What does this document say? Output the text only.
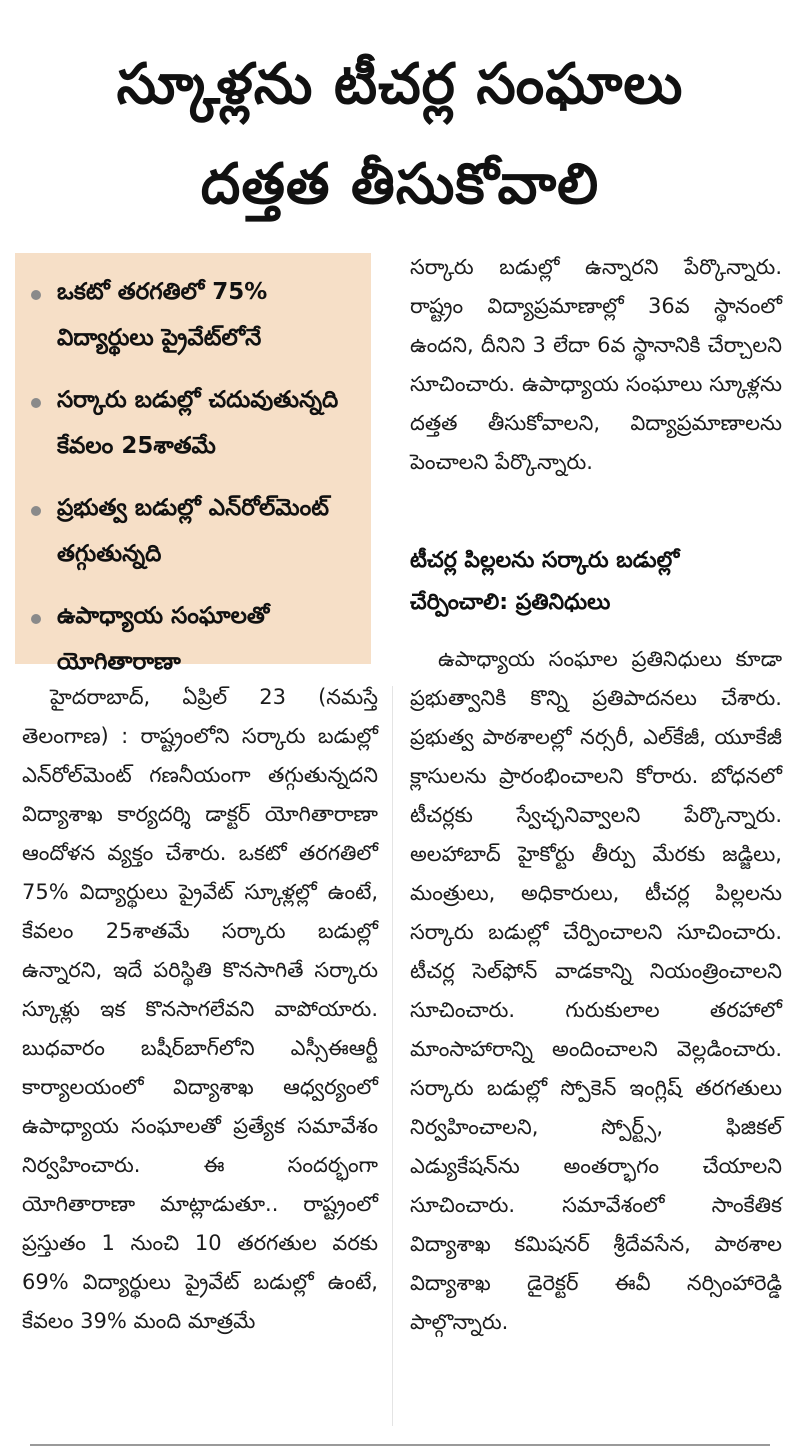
స్కూళ్లను టీచర్ల సంఘాలు
దత్తత తీసుకోవాలి
ఒకటో తరగతిలో 75% విద్యార్థులు ప్రైవేట్‌లోనే
సర్కారు బడుల్లో చదువుతున్నది కేవలం 25శాతమే
ప్రభుత్వ బడుల్లో ఎన్‌రోల్‌మెంట్ తగ్గుతున్నది
ఉపాధ్యాయ సంఘాలతో యోగితారాణా
హైదరాబాద్, ఏప్రిల్ 23 (నమస్తే తెలంగాణ) : రాష్ట్రంలోని సర్కారు బడుల్లో ఎన్‌రోల్‌మెంట్ గణనీయంగా తగ్గుతున్నదని విద్యాశాఖ కార్యదర్శి డాక్టర్ యోగితారాణా ఆందోళన వ్యక్తం చేశారు. ఒకటో తరగతిలో 75% విద్యార్థులు ప్రైవేట్ స్కూళ్లల్లో ఉంటే, కేవలం 25శాతమే సర్కారు బడుల్లో ఉన్నారని, ఇదే పరిస్థితి కొనసాగితే సర్కారు స్కూళ్లు ఇక కొనసాగలేవని వాపోయారు. బుధవారం బషీర్‌బాగ్‌లోని ఎస్సీఈఆర్టీ కార్యాలయంలో విద్యాశాఖ ఆధ్వర్యంలో ఉపాధ్యాయ సంఘాలతో ప్రత్యేక సమావేశం నిర్వహించారు. ఈ సందర్భంగా యోగితారాణా మాట్లాడుతూ.. రాష్ట్రంలో ప్రస్తుతం 1 నుంచి 10 తరగతుల వరకు 69% విద్యార్థులు ప్రైవేట్ బడుల్లో ఉంటే, కేవలం 39% మంది మాత్రమే
సర్కారు బడుల్లో ఉన్నారని పేర్కొన్నారు. రాష్ట్రం విద్యాప్రమాణాల్లో 36వ స్థానంలో ఉందని, దీనిని 3 లేదా 6వ స్థానానికి చేర్చాలని సూచించారు. ఉపాధ్యాయ సంఘాలు స్కూళ్లను దత్తత తీసుకోవాలని, విద్యాప్రమాణాలను పెంచాలని పేర్కొన్నారు.
టీచర్ల పిల్లలను సర్కారు బడుల్లో చేర్పించాలి: ప్రతినిధులు
ఉపాధ్యాయ సంఘాల ప్రతినిధులు కూడా ప్రభుత్వానికి కొన్ని ప్రతిపాదనలు చేశారు. ప్రభుత్వ పాఠశాలల్లో నర్సరీ, ఎల్‌కేజీ, యూకేజీ క్లాసులను ప్రారంభించాలని కోరారు. బోధనలో టీచర్లకు స్వేచ్ఛనివ్వాలని పేర్కొన్నారు. అలహాబాద్ హైకోర్టు తీర్పు మేరకు జడ్జిలు, మంత్రులు, అధికారులు, టీచర్ల పిల్లలను సర్కారు బడుల్లో చేర్పించాలని సూచించారు. టీచర్ల సెల్‌ఫోన్ వాడకాన్ని నియంత్రించాలని సూచించారు. గురుకులాల తరహాలో మాంసాహారాన్ని అందించాలని వెల్లడించారు. సర్కారు బడుల్లో స్పోకెన్ ఇంగ్లిష్ తరగతులు నిర్వహించాలని, స్పోర్ట్స్, ఫిజికల్ ఎడ్యుకేషన్‌ను అంతర్భాగం చేయాలని సూచించారు. సమావేశంలో సాంకేతిక విద్యాశాఖ కమిషనర్ శ్రీదేవసేన, పాఠశాల విద్యాశాఖ డైరెక్టర్ ఈవీ నర్సింహారెడ్డి పాల్గొన్నారు.
